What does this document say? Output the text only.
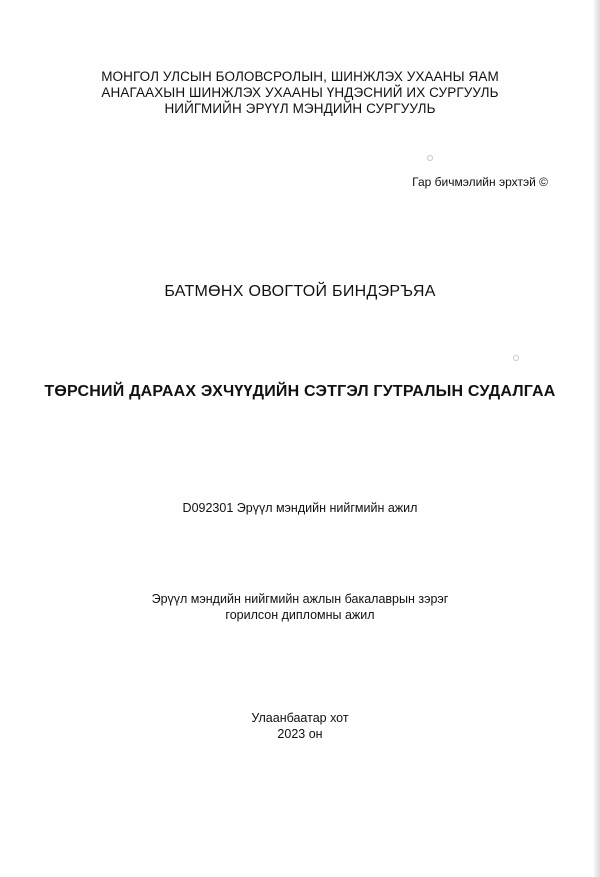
МОНГОЛ УЛСЫН БОЛОВСРОЛЫН, ШИНЖЛЭХ УХААНЫ ЯАМ
АНАГААХЫН ШИНЖЛЭХ УХААНЫ ҮНДЭСНИЙ ИХ СУРГУУЛЬ
НИЙГМИЙН ЭРҮҮЛ МЭНДИЙН СУРГУУЛЬ
Гар бичмэлийн эрхтэй ©
БАТМӨНХ ОВОГТОЙ БИНДЭРЪЯА
ТӨРСНИЙ ДАРААХ ЭХЧҮҮДИЙН СЭТГЭЛ ГУТРАЛЫН СУДАЛГАА
D092301 Эрүүл мэндийн нийгмийн ажил
Эрүүл мэндийн нийгмийн ажлын бакалаврын зэрэг
горилсон дипломны ажил
Улаанбаатар хот
2023 он
